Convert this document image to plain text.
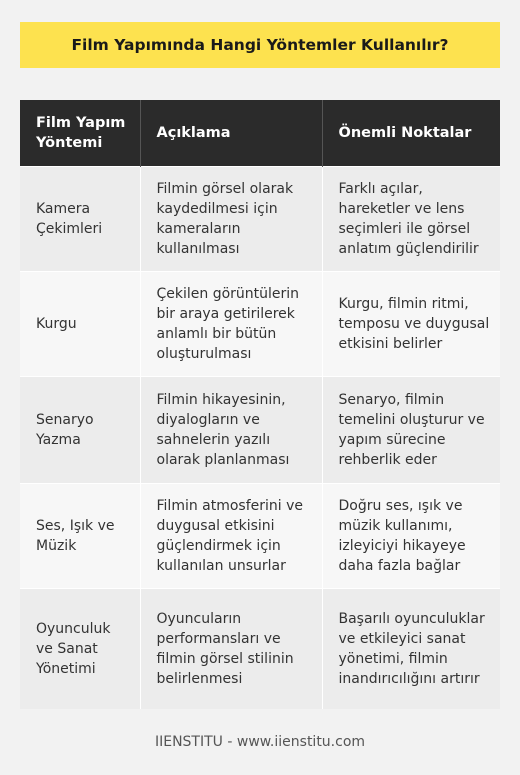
Film Yapımında Hangi Yöntemler Kullanılır?
Film Yapım Yöntemi	Açıklama	Önemli Noktalar
Kamera Çekimleri	Filmin görsel olarak kaydedilmesi için kameraların kullanılması	Farklı açılar, hareketler ve lens seçimleri ile görsel anlatım güçlendirilir
Kurgu	Çekilen görüntülerin bir araya getirilerek anlamlı bir bütün oluşturulması	Kurgu, filmin ritmi, temposu ve duygusal etkisini belirler
Senaryo Yazma	Filmin hikayesinin, diyalogların ve sahnelerin yazılı olarak planlanması	Senaryo, filmin temelini oluşturur ve yapım sürecine rehberlik eder
Ses, Işık ve Müzik	Filmin atmosferini ve duygusal etkisini güçlendirmek için kullanılan unsurlar	Doğru ses, ışık ve müzik kullanımı, izleyiciyi hikayeye daha fazla bağlar
Oyunculuk ve Sanat Yönetimi	Oyuncuların performansları ve filmin görsel stilinin belirlenmesi	Başarılı oyunculuklar ve etkileyici sanat yönetimi, filmin inandırıcılığını artırır
IIENSTITU - www.iienstitu.com
